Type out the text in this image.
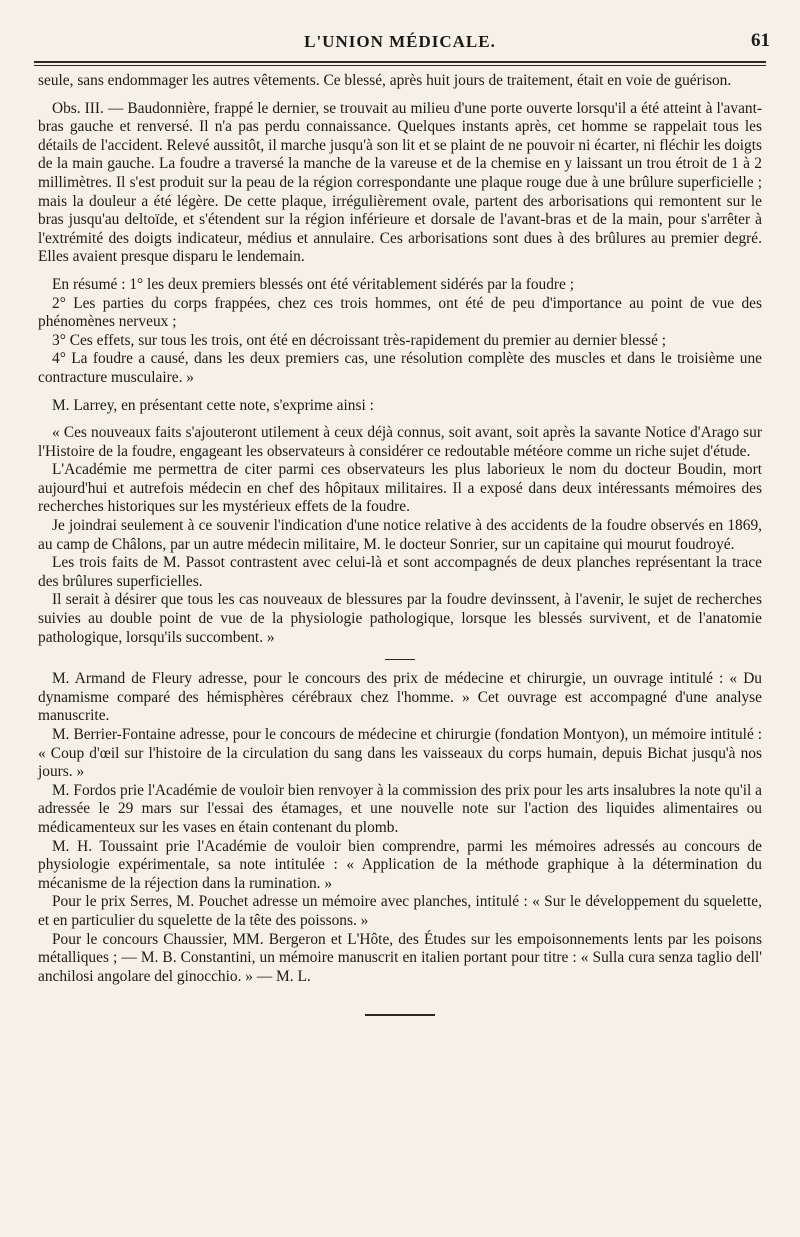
L'UNION MÉDICALE.	61

seule, sans endommager les autres vêtements. Ce blessé, après huit jours de traitement, était en voie de guérison.

Obs. III. — Baudonnière, frappé le dernier, se trouvait au milieu d'une porte ouverte lorsqu'il a été atteint à l'avant-bras gauche et renversé. Il n'a pas perdu connaissance. Quelques instants après, cet homme se rappelait tous les détails de l'accident. Relevé aussitôt, il marche jusqu'à son lit et se plaint de ne pouvoir ni écarter, ni fléchir les doigts de la main gauche. La foudre a traversé la manche de la vareuse et de la chemise en y laissant un trou étroit de 1 à 2 millimètres. Il s'est produit sur la peau de la région correspondante une plaque rouge due à une brûlure superficielle ; mais la douleur a été légère. De cette plaque, irrégulièrement ovale, partent des arborisations qui remontent sur le bras jusqu'au deltoïde, et s'étendent sur la région inférieure et dorsale de l'avant-bras et de la main, pour s'arrêter à l'extrémité des doigts indicateur, médius et annulaire. Ces arborisations sont dues à des brûlures au premier degré. Elles avaient presque disparu le lendemain.

En résumé : 1° les deux premiers blessés ont été véritablement sidérés par la foudre ;

2° Les parties du corps frappées, chez ces trois hommes, ont été de peu d'importance au point de vue des phénomènes nerveux ;

3° Ces effets, sur tous les trois, ont été en décroissant très-rapidement du premier au dernier blessé ;

4° La foudre a causé, dans les deux premiers cas, une résolution complète des muscles et dans le troisième une contracture musculaire. »

M. Larrey, en présentant cette note, s'exprime ainsi :

« Ces nouveaux faits s'ajouteront utilement à ceux déjà connus, soit avant, soit après la savante Notice d'Arago sur l'Histoire de la foudre, engageant les observateurs à considérer ce redoutable météore comme un riche sujet d'étude.

L'Académie me permettra de citer parmi ces observateurs les plus laborieux le nom du docteur Boudin, mort aujourd'hui et autrefois médecin en chef des hôpitaux militaires. Il a exposé dans deux intéressants mémoires des recherches historiques sur les mystérieux effets de la foudre.

Je joindrai seulement à ce souvenir l'indication d'une notice relative à des accidents de la foudre observés en 1869, au camp de Châlons, par un autre médecin militaire, M. le docteur Sonrier, sur un capitaine qui mourut foudroyé.

Les trois faits de M. Passot contrastent avec celui-là et sont accompagnés de deux planches représentant la trace des brûlures superficielles.

Il serait à désirer que tous les cas nouveaux de blessures par la foudre devinssent, à l'avenir, le sujet de recherches suivies au double point de vue de la physiologie pathologique, lorsque les blessés survivent, et de l'anatomie pathologique, lorsqu'ils succombent. »

M. Armand de Fleury adresse, pour le concours des prix de médecine et chirurgie, un ouvrage intitulé : « Du dynamisme comparé des hémisphères cérébraux chez l'homme. » Cet ouvrage est accompagné d'une analyse manuscrite.

M. Berrier-Fontaine adresse, pour le concours de médecine et chirurgie (fondation Montyon), un mémoire intitulé : « Coup d'œil sur l'histoire de la circulation du sang dans les vaisseaux du corps humain, depuis Bichat jusqu'à nos jours. »

M. Fordos prie l'Académie de vouloir bien renvoyer à la commission des prix pour les arts insalubres la note qu'il a adressée le 29 mars sur l'essai des étamages, et une nouvelle note sur l'action des liquides alimentaires ou médicamenteux sur les vases en étain contenant du plomb.

M. H. Toussaint prie l'Académie de vouloir bien comprendre, parmi les mémoires adressés au concours de physiologie expérimentale, sa note intitulée : « Application de la méthode graphique à la détermination du mécanisme de la réjection dans la rumination. »

Pour le prix Serres, M. Pouchet adresse un mémoire avec planches, intitulé : « Sur le développement du squelette, et en particulier du squelette de la tête des poissons. »

Pour le concours Chaussier, MM. Bergeron et L'Hôte, des Études sur les empoisonnements lents par les poisons métalliques ; — M. B. Constantini, un mémoire manuscrit en italien portant pour titre : « Sulla cura senza taglio dell' anchilosi angolare del ginocchio. » — M. L.
